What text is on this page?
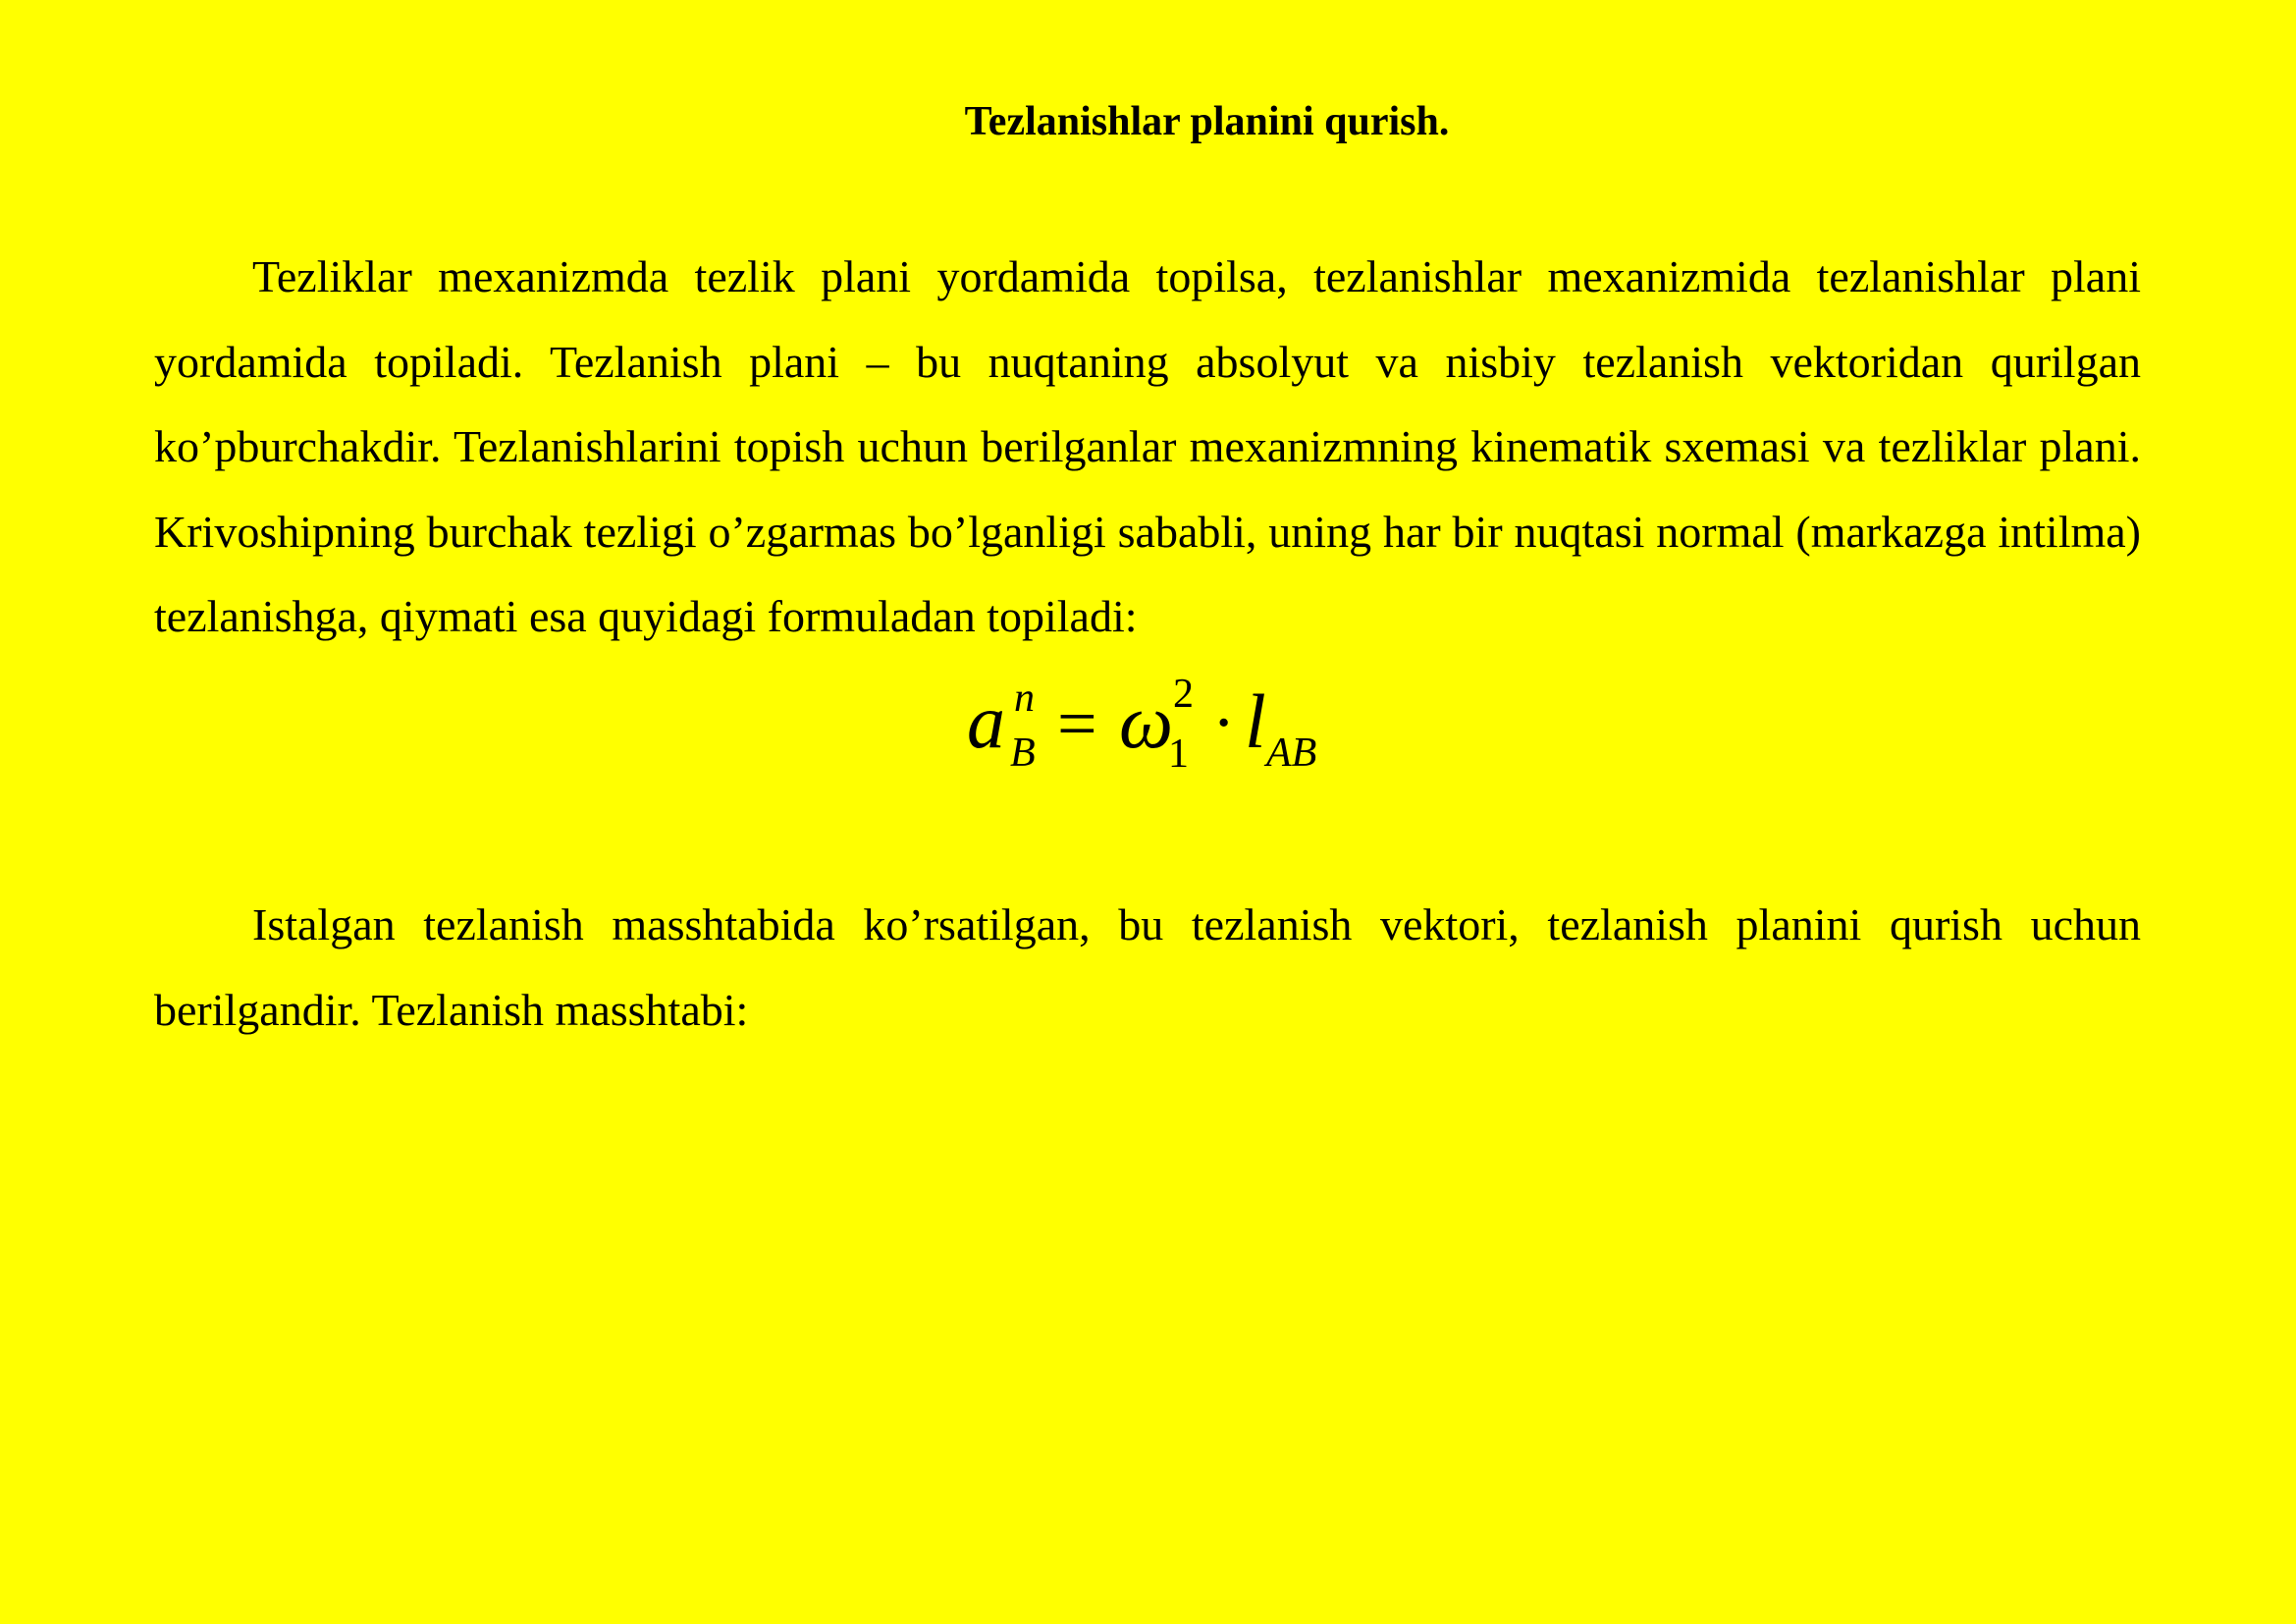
Tezlanishlar planini qurish.

Tezliklar mexanizmda tezlik plani yordamida topilsa, tezlanishlar mexanizmida tezlanishlar plani yordamida topiladi. Tezlanish plani – bu nuqtaning absolyut va nisbiy tezlanish vektoridan qurilgan ko’pburchakdir. Tezlanishlarini topish uchun berilganlar mexanizmning kinematik sxemasi va tezliklar plani. Krivoshipning burchak tezligi o’zgarmas bo’lganligi sababli, uning har bir nuqtasi normal (markazga intilma) tezlanishga, qiymati esa quyidagi formuladan topiladi:

a n
B = ω 2
1 · l AB

Istalgan tezlanish masshtabida ko’rsatilgan, bu tezlanish vektori, tezlanish planini qurish uchun berilgandir. Tezlanish masshtabi:
